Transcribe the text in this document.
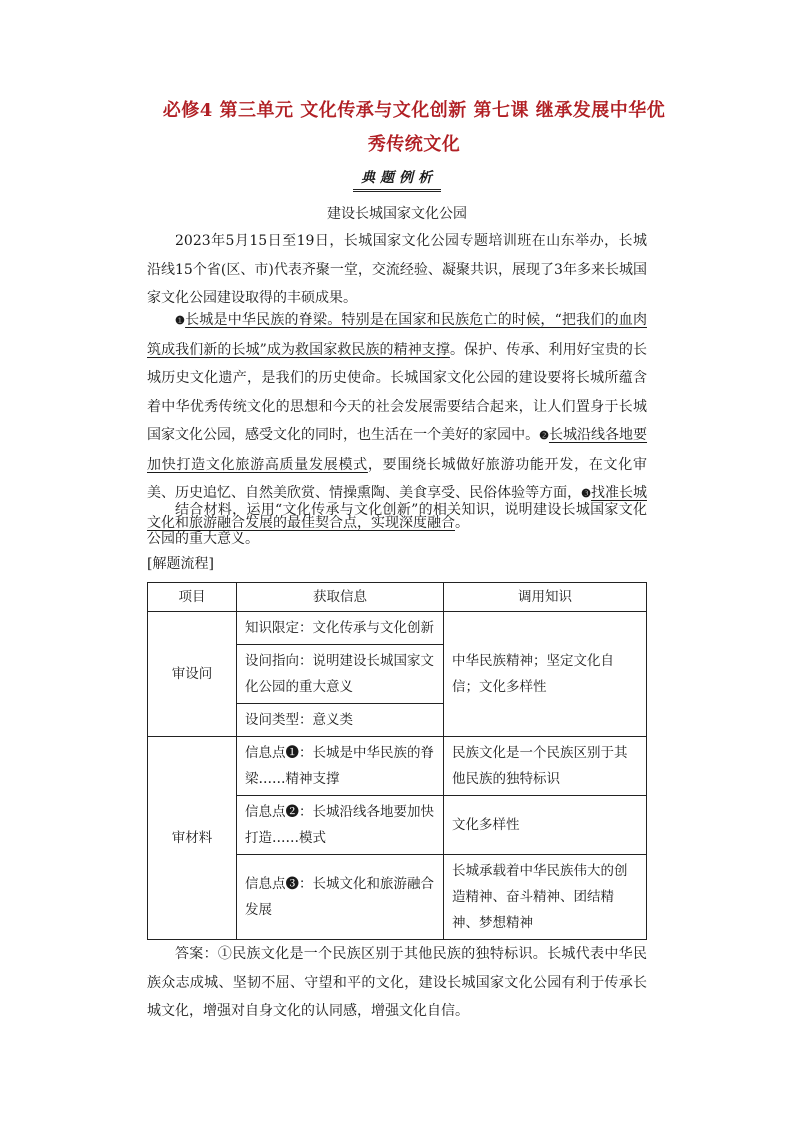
必修4 第三单元 文化传承与文化创新 第七课 继承发展中华优
秀传统文化
典题例析
建设长城国家文化公园

2023年5月15日至19日，长城国家文化公园专题培训班在山东举办，长城沿线15个省(区、市)代表齐聚一堂，交流经验、凝聚共识，展现了3年多来长城国家文化公园建设取得的丰硕成果。

❶长城是中华民族的脊梁。特别是在国家和民族危亡的时候，“把我们的血肉筑成我们新的长城”成为救国家救民族的精神支撑。保护、传承、利用好宝贵的长城历史文化遗产，是我们的历史使命。长城国家文化公园的建设要将长城所蕴含着中华优秀传统文化的思想和今天的社会发展需要结合起来，让人们置身于长城国家文化公园，感受文化的同时，也生活在一个美好的家园中。❷长城沿线各地要加快打造文化旅游高质量发展模式，要围绕长城做好旅游功能开发，在文化审美、历史追忆、自然美欣赏、情操熏陶、美食享受、民俗体验等方面，❸找准长城文化和旅游融合发展的最佳契合点，实现深度融合。

结合材料，运用“文化传承与文化创新”的相关知识，说明建设长城国家文化公园的重大意义。

[解题流程]
项目	获取信息	调用知识
审设问	知识限定：文化传承与文化创新	中华民族精神；坚定文化自信；文化多样性
	设问指向：说明建设长城国家文化公园的重大意义	
	设问类型：意义类	
审材料	信息点❶：长城是中华民族的脊梁……精神支撑	民族文化是一个民族区别于其他民族的独特标识
	信息点❷：长城沿线各地要加快打造……模式	文化多样性
	信息点❸：长城文化和旅游融合发展	长城承载着中华民族伟大的创造精神、奋斗精神、团结精神、梦想精神

答案：①民族文化是一个民族区别于其他民族的独特标识。长城代表中华民族众志成城、坚韧不屈、守望和平的文化，建设长城国家文化公园有利于传承长城文化，增强对自身文化的认同感，增强文化自信。
